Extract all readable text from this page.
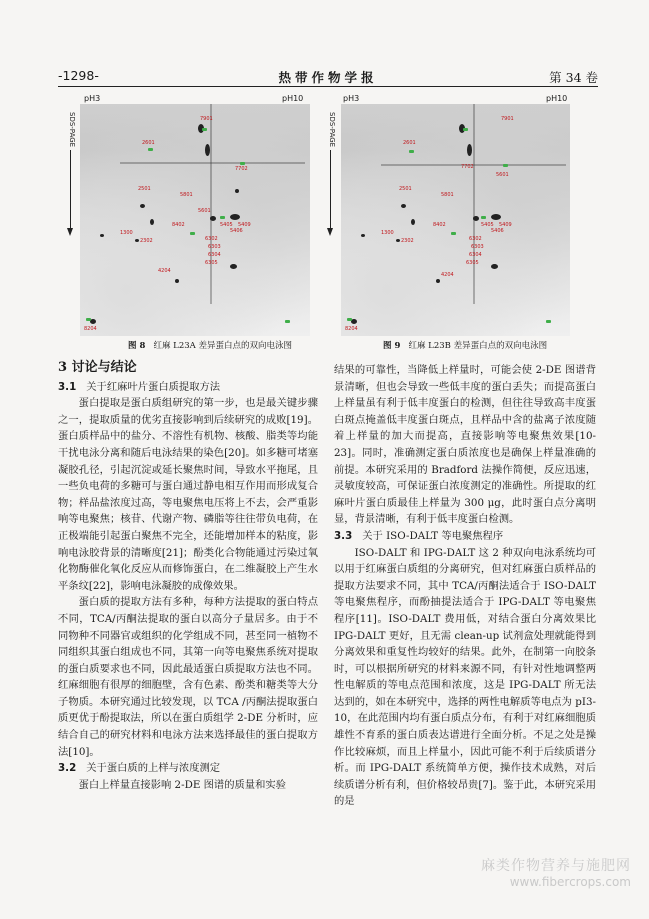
-1298-	热带作物学报	第 34 卷
pH3	pH10
SDS-PAGE	7901
2601
7702
2501
5801
5601
8402	5405
5406
5409
6302
6303
1300
2302
6304
6305
4204
8204
图 8 红麻 L23A 差异蛋白点的双向电泳图
pH3	pH10
SDS-PAGE	7901
7702
2601
5801
2501
5601
5405
5406
5409
8402
6302
6303
1300
2302
6304
6305
4204
8204
图 9 红麻 L23B 差异蛋白点的双向电泳图
3 讨论与结论
3.1 关于红麻叶片蛋白质提取方法

蛋白提取是蛋白质组研究的第一步，也是最关键步骤之一，提取质量的优劣直接影响到后续研究的成败[19]。蛋白质样品中的盐分、不溶性有机物、核酸、脂类等均能干扰电泳分离和随后电泳结果的染色[20]。如多糖可堵塞凝胶孔径，引起沉淀或延长聚焦时间，导致水平拖尾，且一些负电荷的多糖可与蛋白通过静电相互作用而形成复合物；样品盐浓度过高，等电聚焦电压将上不去，会严重影响等电聚焦；核苷、代谢产物、磷脂等往往带负电荷，在正极端能引起蛋白聚焦不完全，还能增加样本的粘度，影响电泳胶背景的清晰度[21]；酚类化合物能通过污染过氧化物酶催化氧化反应从而修饰蛋白，在二维凝胶上产生水平条纹[22]，影响电泳凝胶的成像效果。

蛋白质的提取方法有多种，每种方法提取的蛋白特点不同，TCA/丙酮法提取的蛋白以高分子量居多。由于不同物种不同器官或组织的化学组成不同，甚至同一植物不同组织其蛋白组成也不同，其第一向等电聚焦系统对提取的蛋白质要求也不同，因此最适蛋白质提取方法也不同。红麻细胞有很厚的细胞壁，含有色素、酚类和糖类等大分子物质。本研究通过比较发现，以 TCA /丙酮法提取蛋白质更优于酚提取法，所以在蛋白质组学 2-DE 分析时，应结合自己的研究材料和电泳方法来选择最佳的蛋白提取方法[10]。

3.2 关于蛋白质的上样与浓度测定

蛋白上样量直接影响 2-DE 图谱的质量和实验

结果的可靠性，当降低上样量时，可能会使 2-DE 图谱背景清晰，但也会导致一些低丰度的蛋白丢失；而提高蛋白上样量虽有利于低丰度蛋白的检测，但往往导致高丰度蛋白斑点掩盖低丰度蛋白斑点，且样品中含的盐离子浓度随着上样量的加大而提高，直接影响等电聚焦效果[10-23]。同时，准确测定蛋白质浓度也是确保上样量准确的前提。本研究采用的 Bradford 法操作简便，反应迅速，灵敏度较高，可保证蛋白浓度测定的准确性。所提取的红麻叶片蛋白质最佳上样量为 300 μg，此时蛋白点分离明显，背景清晰，有利于低丰度蛋白检测。

3.3 关于 ISO-DALT 等电聚焦程序

ISO-DALT 和 IPG-DALT 这 2 种双向电泳系统均可以用于红麻蛋白质组的分离研究，但对红麻蛋白质样品的提取方法要求不同，其中 TCA/丙酮法适合于 ISO-DALT 等电聚焦程序，而酚抽提法适合于 IPG-DALT 等电聚焦程序[11]。ISO-DALT 费用低，对结合蛋白分离效果比 IPG-DALT 更好，且无需 clean-up 试剂盒处理就能得到分离效果和重复性均较好的结果。此外，在制第一向胶条时，可以根据所研究的材料来源不同，有针对性地调整两性电解质的等电点范围和浓度，这是 IPG-DALT 所无法达到的，如在本研究中，选择的两性电解质等电点为 pI3-10，在此范围内均有蛋白质点分布，有利于对红麻细胞质雄性不育系的蛋白质表达谱进行全面分析。不足之处是操作比较麻烦，而且上样量小，因此可能不利于后续质谱分析。而 IPG-DALT 系统简单方便，操作技术成熟，对后续质谱分析有利，但价格较昂贵[7]。鉴于此，本研究采用的是

麻类作物营养与施肥网
www.fibercrops.com
